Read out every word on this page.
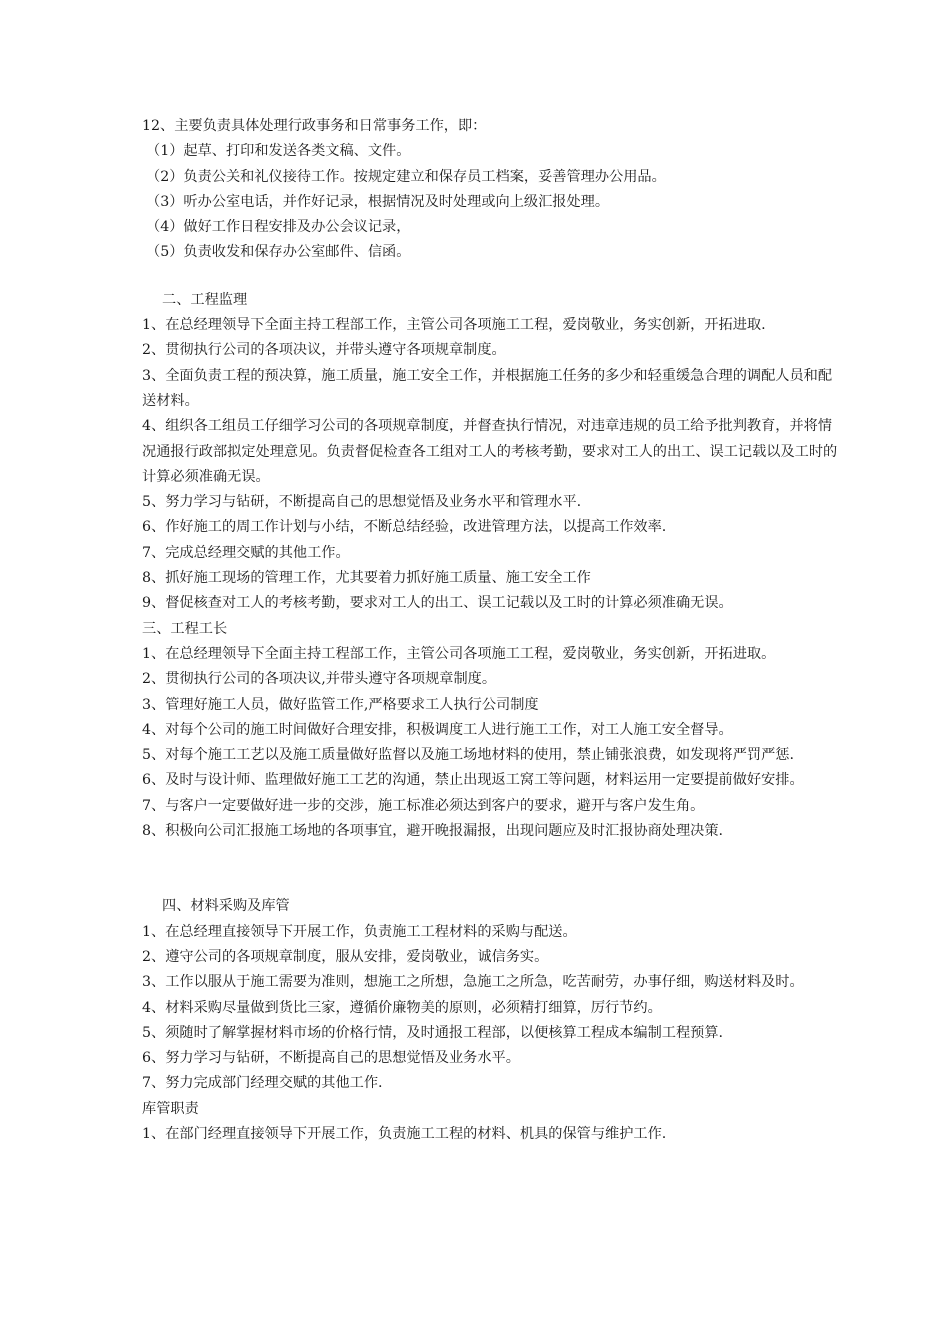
12、主要负责具体处理行政事务和日常事务工作，即：
（1）起草、打印和发送各类文稿、文件。
（2）负责公关和礼仪接待工作。按规定建立和保存员工档案，妥善管理办公用品。
（3）听办公室电话，并作好记录，根据情况及时处理或向上级汇报处理。
（4）做好工作日程安排及办公会议记录，
（5）负责收发和保存办公室邮件、信函。
二、工程监理
1、在总经理领导下全面主持工程部工作，主管公司各项施工工程，爱岗敬业，务实创新，开拓进取.
2、贯彻执行公司的各项决议，并带头遵守各项规章制度。
3、全面负责工程的预决算，施工质量，施工安全工作，并根据施工任务的多少和轻重缓急合理的调配人员和配送材料。
4、组织各工组员工仔细学习公司的各项规章制度，并督查执行情况，对违章违规的员工给予批判教育，并将情况通报行政部拟定处理意见。负责督促检查各工组对工人的考核考勤，要求对工人的出工、误工记载以及工时的计算必须准确无误。
5、努力学习与钻研，不断提高自己的思想觉悟及业务水平和管理水平.
6、作好施工的周工作计划与小结，不断总结经验，改进管理方法，以提高工作效率.
7、完成总经理交赋的其他工作。
8、抓好施工现场的管理工作，尤其要着力抓好施工质量、施工安全工作
9、督促核查对工人的考核考勤，要求对工人的出工、误工记载以及工时的计算必须准确无误。
三、工程工长
1、在总经理领导下全面主持工程部工作，主管公司各项施工工程，爱岗敬业，务实创新，开拓进取。
2、贯彻执行公司的各项决议,并带头遵守各项规章制度。
3、管理好施工人员，做好监管工作,严格要求工人执行公司制度
4、对每个公司的施工时间做好合理安排，积极调度工人进行施工工作，对工人施工安全督导。
5、对每个施工工艺以及施工质量做好监督以及施工场地材料的使用，禁止铺张浪费，如发现将严罚严惩.
6、及时与设计师、监理做好施工工艺的沟通，禁止出现返工窝工等问题，材料运用一定要提前做好安排。
7、与客户一定要做好进一步的交涉，施工标准必须达到客户的要求，避开与客户发生角。
8、积极向公司汇报施工场地的各项事宜，避开晚报漏报，出现问题应及时汇报协商处理决策.
四、材料采购及库管
1、在总经理直接领导下开展工作，负责施工工程材料的采购与配送。
2、遵守公司的各项规章制度，服从安排，爱岗敬业，诚信务实。
3、工作以服从于施工需要为准则，想施工之所想，急施工之所急，吃苦耐劳，办事仔细，购送材料及时。
4、材料采购尽量做到货比三家，遵循价廉物美的原则，必须精打细算，厉行节约。
5、须随时了解掌握材料市场的价格行情，及时通报工程部，以便核算工程成本编制工程预算.
6、努力学习与钻研，不断提高自己的思想觉悟及业务水平。
7、努力完成部门经理交赋的其他工作.
库管职责
1、在部门经理直接领导下开展工作，负责施工工程的材料、机具的保管与维护工作.
